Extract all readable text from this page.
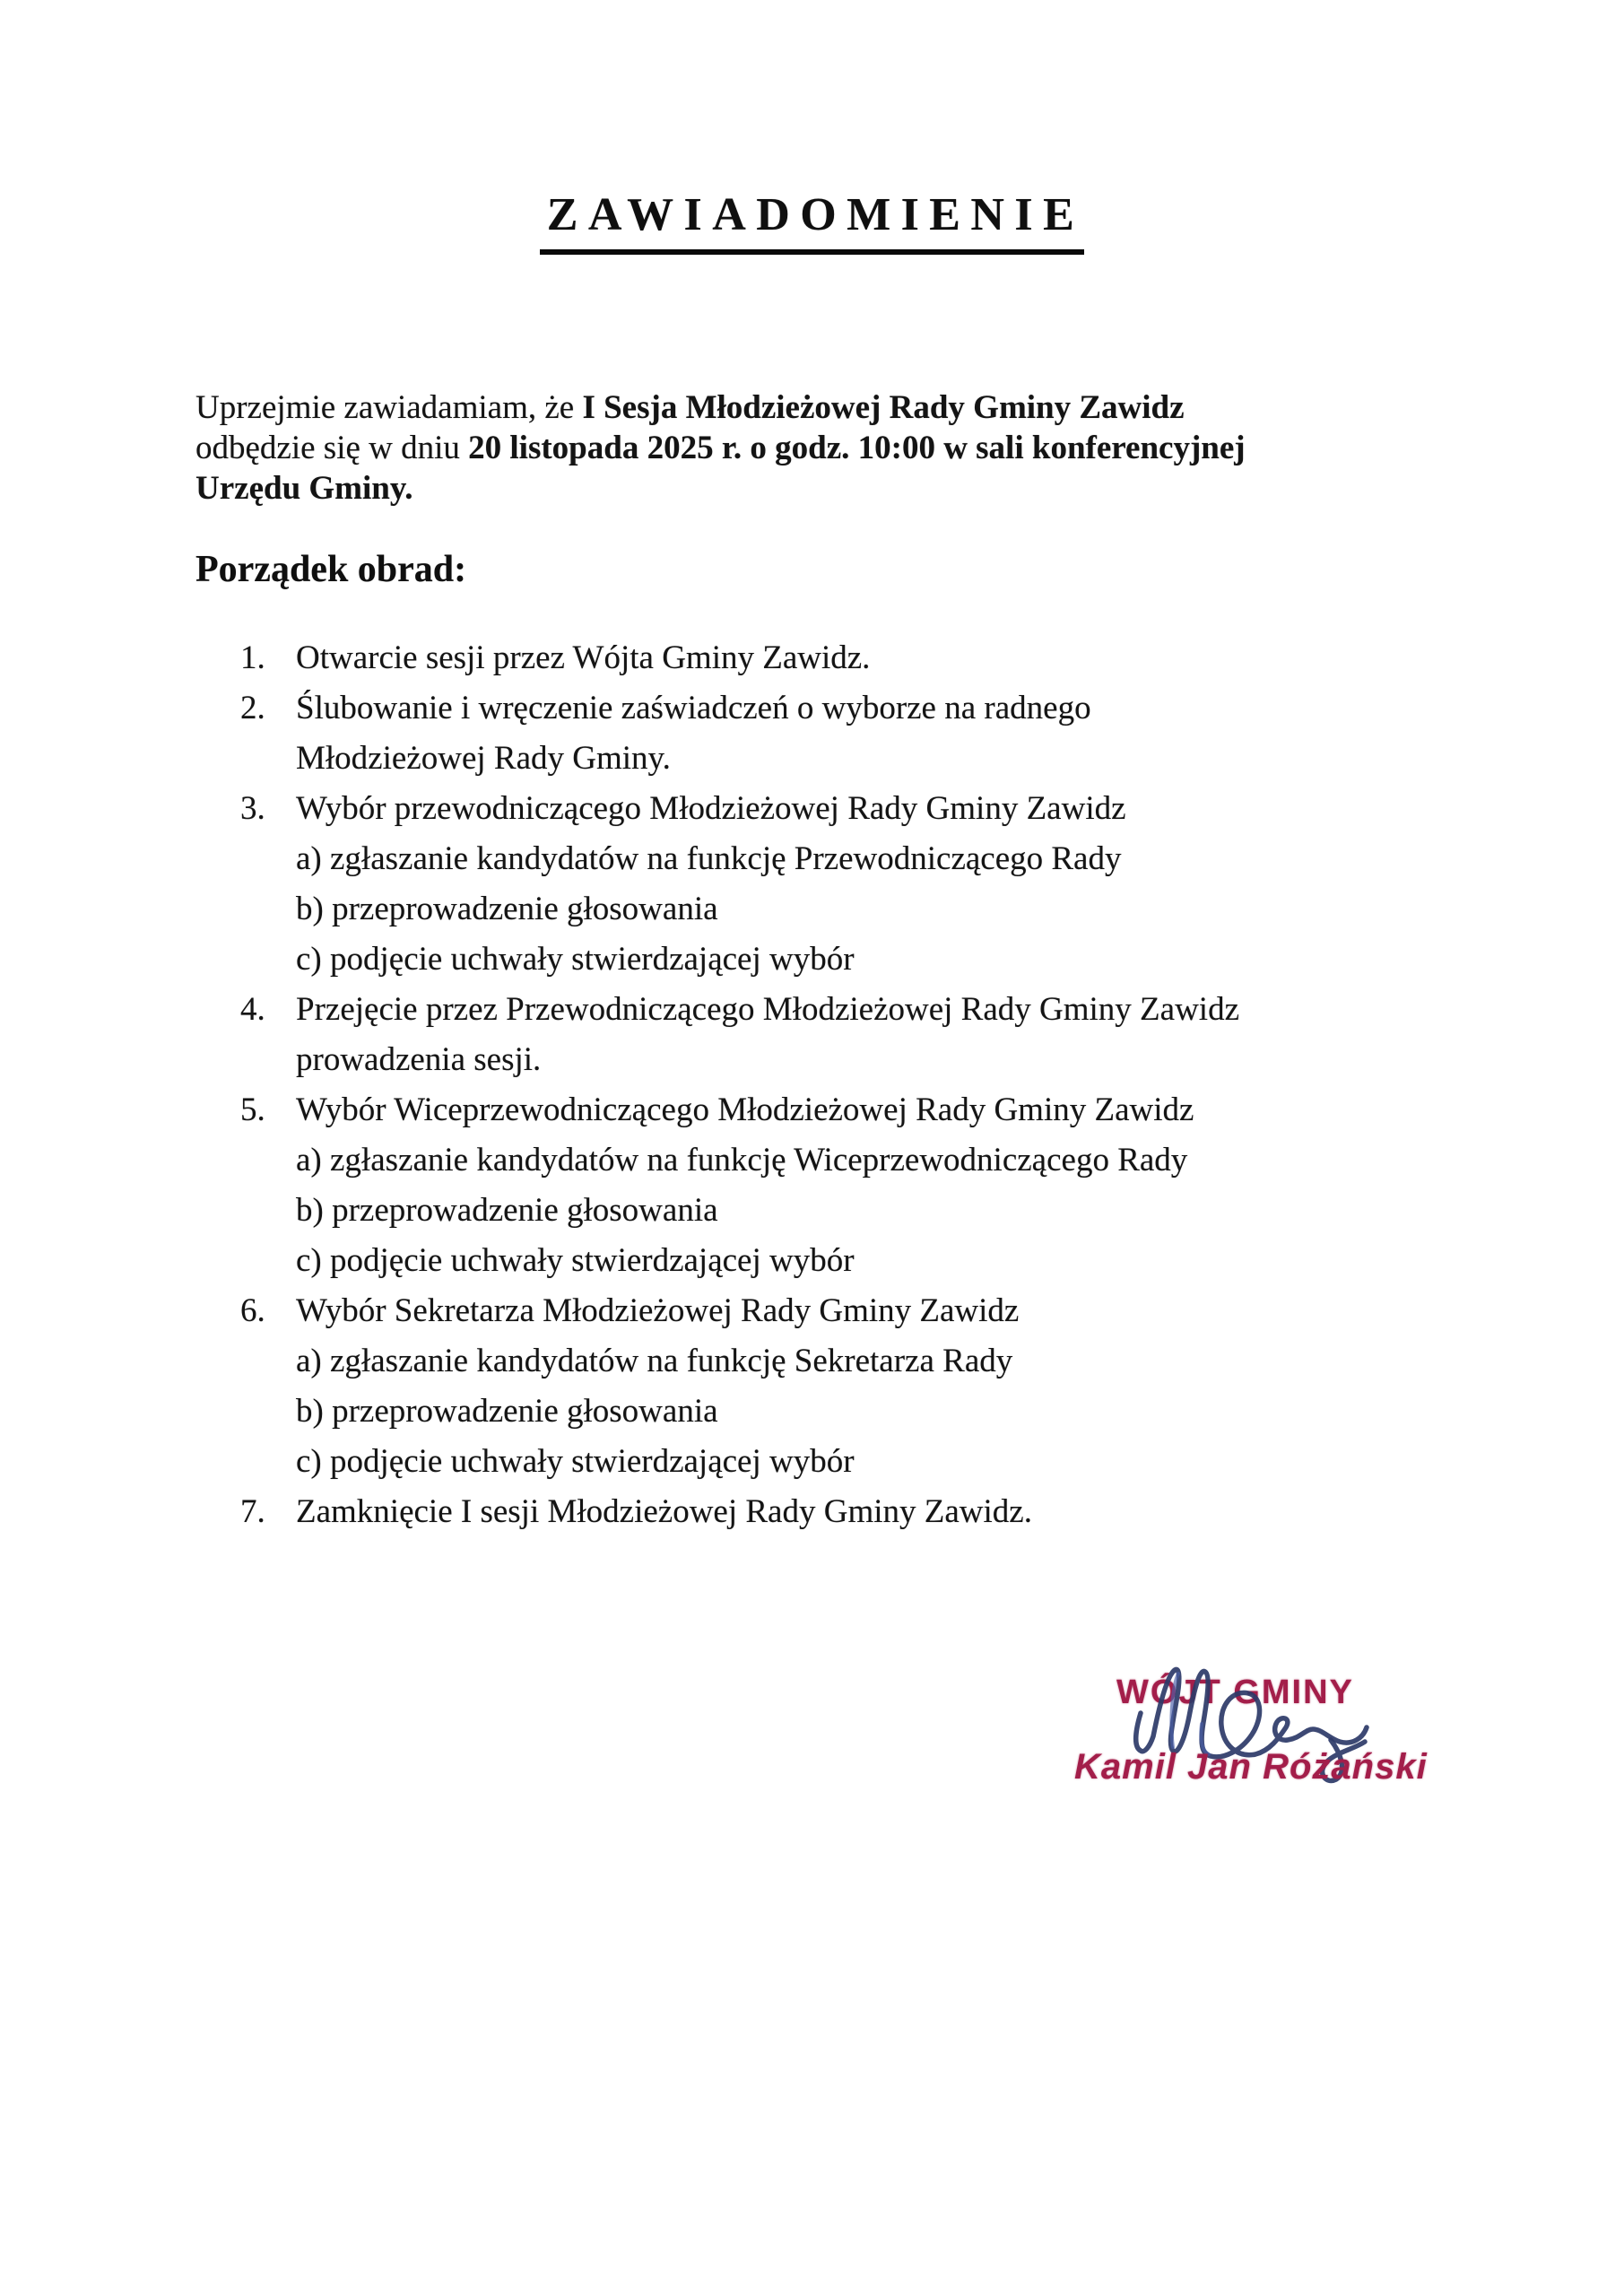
ZAWIADOMIENIE

Uprzejmie zawiadamiam, że I Sesja Młodzieżowej Rady Gminy Zawidz
odbędzie się w dniu 20 listopada 2025 r. o godz. 10:00 w sali konferencyjnej
Urzędu Gminy.

Porządek obrad:
1. Otwarcie sesji przez Wójta Gminy Zawidz.
2. Ślubowanie i wręczenie zaświadczeń o wyborze na radnego
Młodzieżowej Rady Gminy.
3. Wybór przewodniczącego Młodzieżowej Rady Gminy Zawidz
a) zgłaszanie kandydatów na funkcję Przewodniczącego Rady
b) przeprowadzenie głosowania
c) podjęcie uchwały stwierdzającej wybór
4. Przejęcie przez Przewodniczącego Młodzieżowej Rady Gminy Zawidz
prowadzenia sesji.
5. Wybór Wiceprzewodniczącego Młodzieżowej Rady Gminy Zawidz
a) zgłaszanie kandydatów na funkcję Wiceprzewodniczącego Rady
b) przeprowadzenie głosowania
c) podjęcie uchwały stwierdzającej wybór
6. Wybór Sekretarza Młodzieżowej Rady Gminy Zawidz
a) zgłaszanie kandydatów na funkcję Sekretarza Rady
b) przeprowadzenie głosowania
c) podjęcie uchwały stwierdzającej wybór
7. Zamknięcie I sesji Młodzieżowej Rady Gminy Zawidz.
WÓJT GMINY
Kamil Jan Różański
